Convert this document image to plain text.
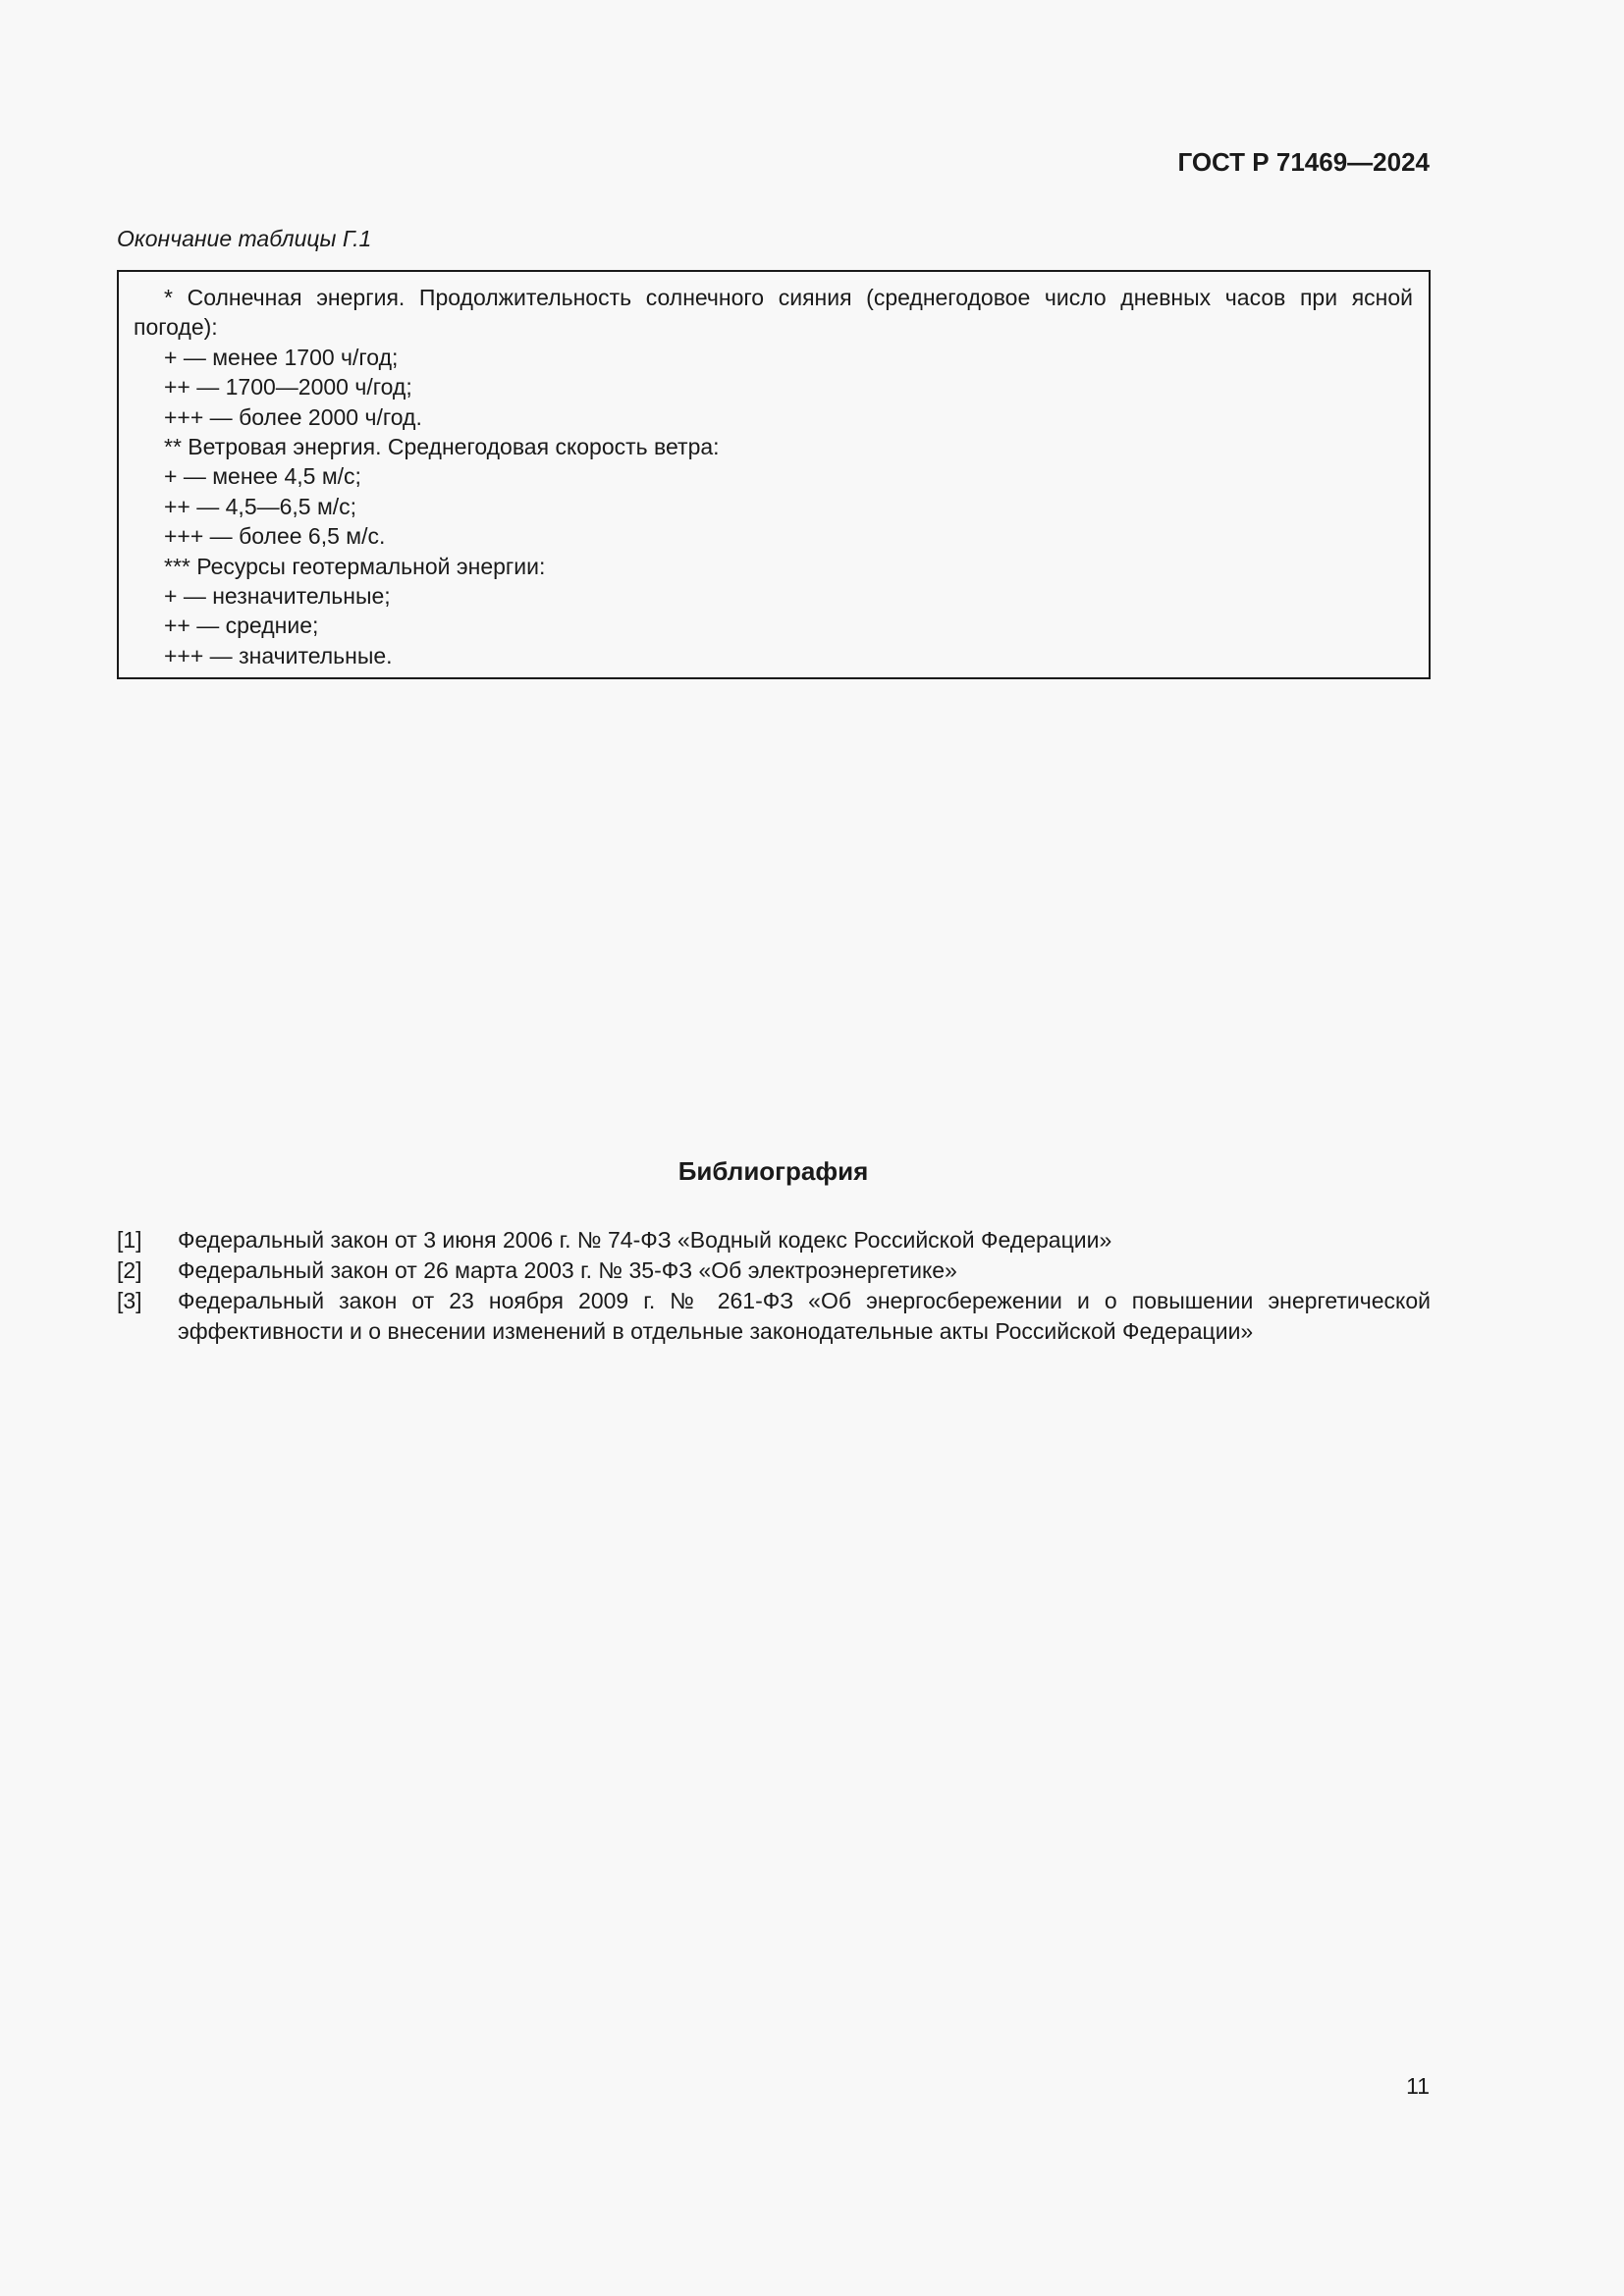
ГОСТ Р 71469—2024
Окончание таблицы Г.1

* Солнечная энергия. Продолжительность солнечного сияния (среднегодовое число дневных часов при ясной погоде):

+ — менее 1700 ч/год;

++ — 1700—2000 ч/год;

+++ — более 2000 ч/год.

** Ветровая энергия. Среднегодовая скорость ветра:

+ — менее 4,5 м/с;

++ — 4,5—6,5 м/с;

+++ — более 6,5 м/с.

*** Ресурсы геотермальной энергии:

+ — незначительные;

++ — средние;

+++ — значительные.

Библиография
[1]	Федеральный закон от 3 июня 2006 г. № 74-ФЗ «Водный кодекс Российской Федерации»
[2]	Федеральный закон от 26 марта 2003 г. № 35-ФЗ «Об электроэнергетике»
[3]	Федеральный закон от 23 ноября 2009 г. № 261-ФЗ «Об энергосбережении и о повышении энергетической эффективности и о внесении изменений в отдельные законодательные акты Российской Федерации»
11
